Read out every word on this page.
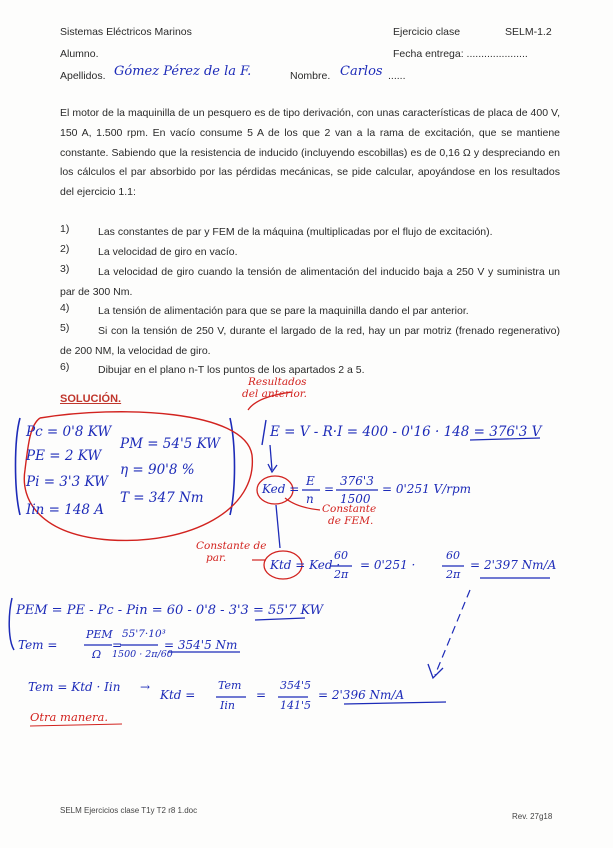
Sistemas Eléctricos Marinos	Ejercicio clase	SELM-1.2
Alumno.	Fecha entrega: .....................
Apellidos. Gómez Pérez de la F.	Nombre. Carlos ......
El motor de la maquinilla de un pesquero es de tipo derivación, con unas características de placa de 400 V, 150 A, 1.500 rpm. En vacío consume 5 A de los que 2 van a la rama de excitación, que se mantiene constante. Sabiendo que la resistencia de inducido (incluyendo escobillas) es de 0,16 Ω y despreciando en los cálculos el par absorbido por las pérdidas mecánicas, se pide calcular, apoyándose en los resultados del ejercicio 1.1:
1)	Las constantes de par y FEM de la máquina (multiplicadas por el flujo de excitación).
2)	La velocidad de giro en vacío.
3)	La velocidad de giro cuando la tensión de alimentación del inducido baja a 250 V y suministra un par de 300 Nm.
4)	La tensión de alimentación para que se pare la maquinilla dando el par anterior.
5)	Si con la tensión de 250 V, durante el largado de la red, hay un par motriz (frenado regenerativo) de 200 NM, la velocidad de giro.
6)	Dibujar en el plano n-T los puntos de los apartados 2 a 5.
SOLUCIÓN.
Resultados
del anterior.
Pc = 0'8 KW
PE = 2 KW
Pi = 3'3 KW
Iin = 148 A
PM = 54'5 KW
η = 90'8 %
T = 347 Nm
E = V - R·I = 400 - 0'16 · 148 = 376'3 V
Ked =
E
n
=
376'3
1500
= 0'251 V/rpm
Constante
de FEM.
Constante de
par.	Ktd = Ked ·
60
2π
= 0'251 ·
60
2π
= 2'397 Nm/A
PEM = PE - Pc - Pin = 60 - 0'8 - 3'3 = 55'7 KW
Tem =
PEM
Ω
=
55'7·10³
1500 · 2π/60
= 354'5 Nm
Tem = Ktd · Iin →
Ktd =
Tem
Iin
=
354'5
141'5
= 2'396 Nm/A
Otra manera.
SELM Ejercicios clase T1y T2 r8 1.doc
Rev. 27g18
